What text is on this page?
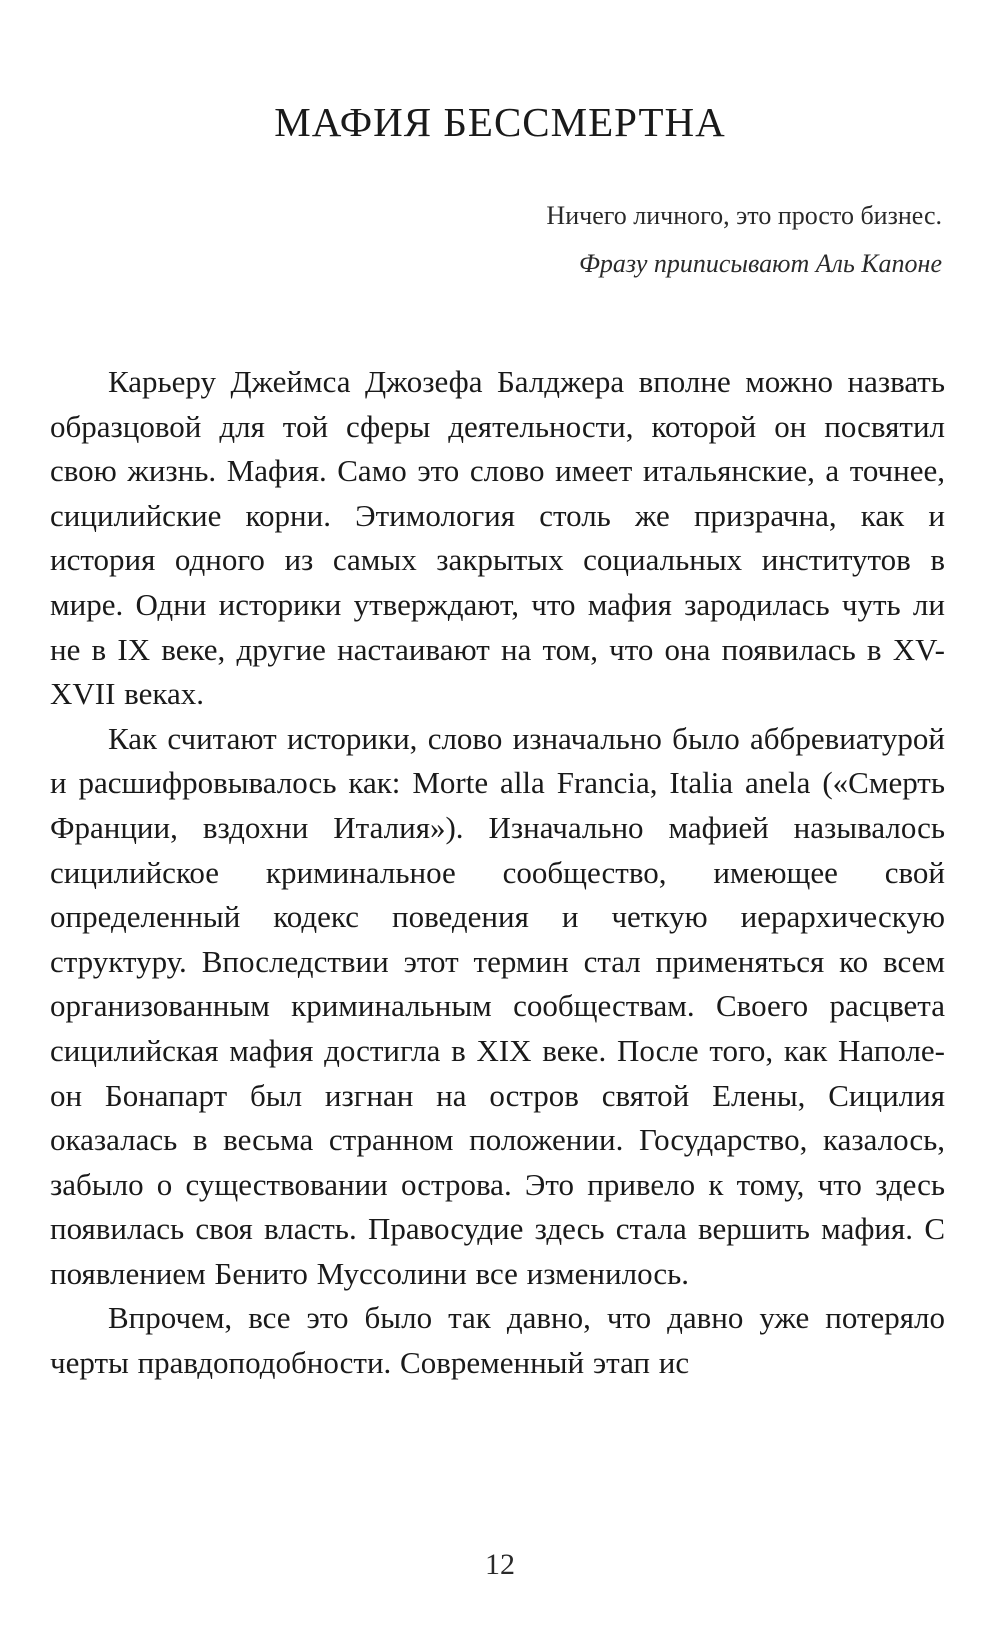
МАФИЯ БЕССМЕРТНА
Ничего личного, это просто бизнес.
Фразу приписывают Аль Капоне

Карьеру Джеймса Джозефа Балджера вполне можно назвать образцовой для той сферы деятельности, которой он посвятил свою жизнь. Мафия. Само это слово имеет итальянские, а точнее, сицилийские корни. Этимология столь же призрачна, как и история одного из самых закрытых социальных институтов в мире. Одни историки утверждают, что мафия зародилась чуть ли не в IX веке, другие настаивают на том, что она появилась в XV-XVII веках.

Как считают историки, слово изначально было аббревиатурой и расшифровывалось как: Morte alla Francia, Italia anela («Смерть Франции, вздохни Италия»). Изначально мафией называлось сицилийское криминальное сообщество, имеющее свой определенный кодекс поведения и четкую иерархическую структуру. Впоследствии этот термин стал применяться ко всем организованным криминальным сообществам. Своего расцвета сицилийская мафия достигла в XIX веке. После того, как Наполеон Бонапарт был изгнан на остров святой Елены, Сицилия оказалась в весьма странном положении. Государство, казалось, забыло о существовании острова. Это привело к тому, что здесь появилась своя власть. Правосудие здесь стала вершить мафия. С появлением Бенито Муссолини все изменилось.

Впрочем, все это было так давно, что давно уже потеряло черты правдоподобности. Современный этап ис

12
